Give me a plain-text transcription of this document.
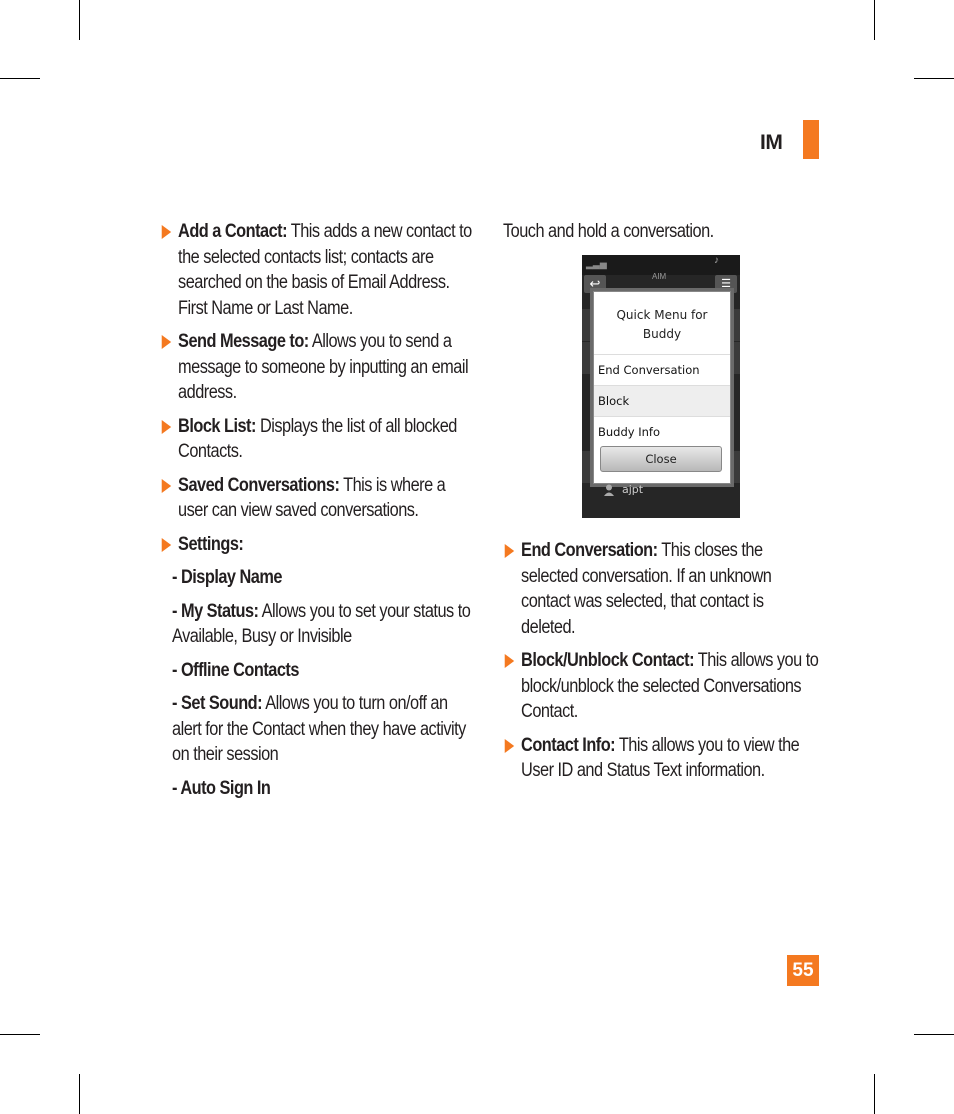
IM
Add a Contact: This adds a new contact to the selected contacts list; contacts are searched on the basis of Email Address. First Name or Last Name.
Send Message to: Allows you to send a message to someone by inputting an email address.
Block List: Displays the list of all blocked Contacts.
Saved Conversations: This is where a user can view saved conversations.
Settings:
- Display Name
- My Status: Allows you to set your status to Available, Busy or Invisible
- Offline Contacts
- Set Sound: Allows you to turn on/off an alert for the Contact when they have activity on their session
- Auto Sign In
Touch and hold a conversation.
End Conversation: This closes the selected conversation. If an unknown contact was selected, that contact is deleted.
Block/Unblock Contact: This allows you to block/unblock the selected Conversations Contact.
Contact Info: This allows you to view the User ID and Status Text information.
▂▃▅	♪
AIM
↩	☰
Quick Menu for
Buddy
End Conversation
Block
Buddy Info
Close
ajpt
55
